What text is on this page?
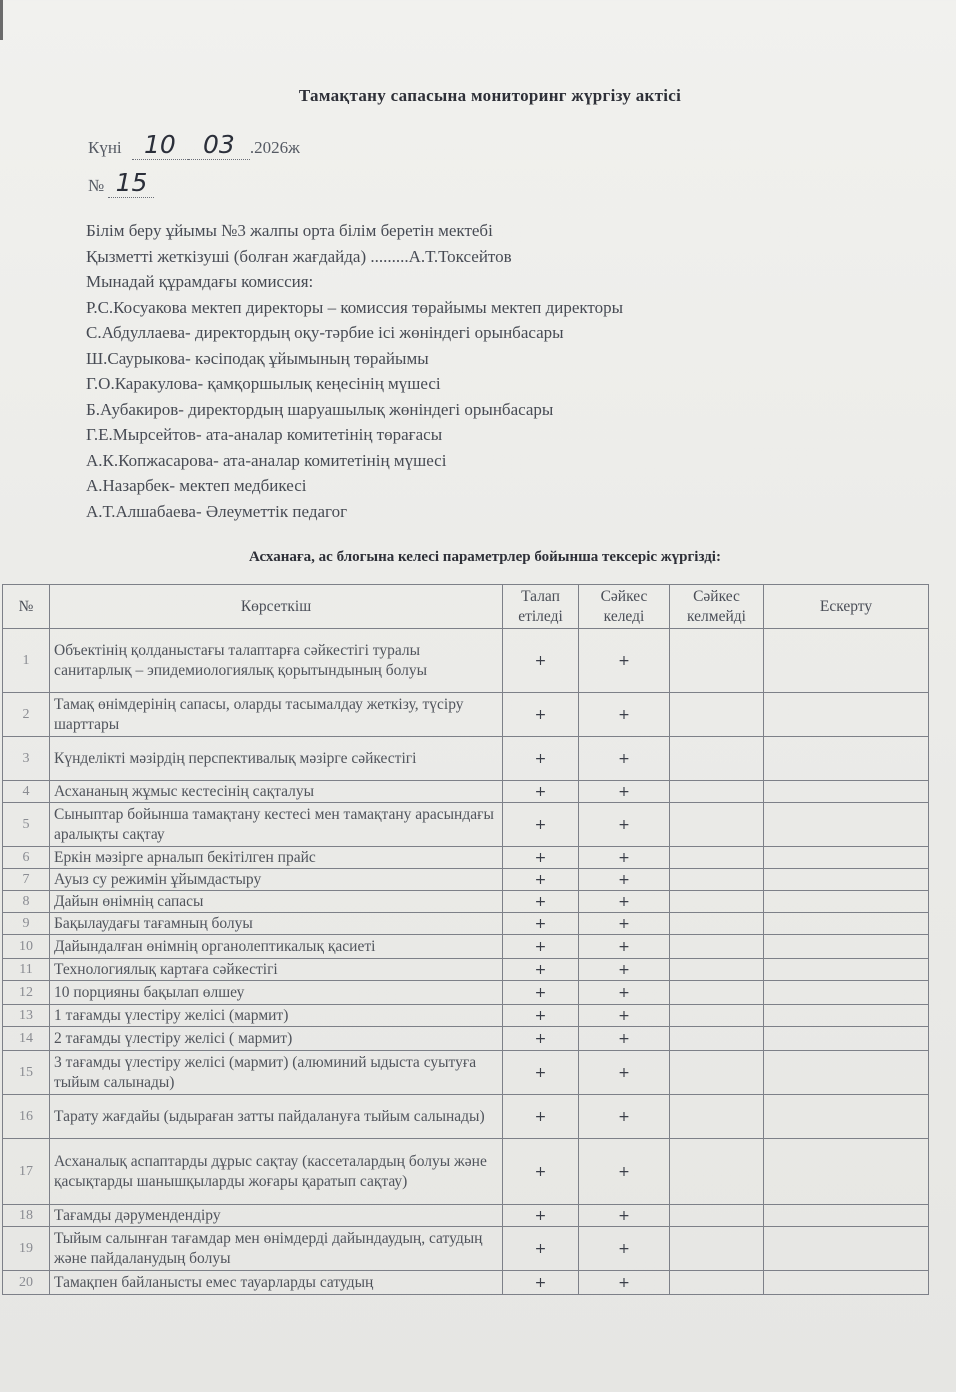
Тамақтану сапасына мониторинг жүргізу актісі
Күні 10 03 .2026ж
№ 15
Білім беру ұйымы №3 жалпы орта білім беретін мектебі
Қызметті жеткізуші (болған жағдайда) .........А.Т.Токсейтов
Мынадай құрамдағы комиссия:
Р.С.Косуакова мектеп директоры – комиссия төрайымы мектеп директоры
С.Абдуллаева- директордың оқу-тәрбие ісі жөніндегі орынбасары
Ш.Саурыкова- кәсіподақ ұйымының төрайымы
Г.О.Каракулова- қамқоршылық кеңесінің мүшесі
Б.Аубакиров- директордың шаруашылық жөніндегі орынбасары
Г.Е.Мырсейтов- ата-аналар комитетінің төрағасы
А.К.Копжасарова- ата-аналар комитетінің мүшесі
А.Назарбек- мектеп медбикесі
А.Т.Алшабаева- Әлеуметтік педагог
Асханаға, ас блогына келесі параметрлер бойынша тексеріс жүргізді:
№	Көрсеткіш	Талап етіледі	Сәйкес келеді	Сәйкес келмейді	Ескерту
1	Объектінің қолданыстағы талаптарға сәйкестігі туралы санитарлық – эпидемиологиялық қорытындының болуы	+	+		
2	Тамақ өнімдерінің сапасы, оларды тасымалдау жеткізу, түсіру шарттары	+	+		
3	Күнделікті мәзірдің перспективалық мәзірге сәйкестігі	+	+		
4	Асхананың жұмыс кестесінің сақталуы	+	+		
5	Сыныптар бойынша тамақтану кестесі мен тамақтану арасындағы аралықты сақтау	+	+		
6	Еркін мәзірге арналып бекітілген прайс	+	+		
7	Ауыз су режимін ұйымдастыру	+	+		
8	Дайын өнімнің сапасы	+	+		
9	Бақылаудағы тағамның болуы	+	+		
10	Дайындалған өнімнің органолептикалық қасиеті	+	+		
11	Технологиялық картаға сәйкестігі	+	+		
12	10 порцияны бақылап өлшеу	+	+		
13	1 тағамды үлестіру желісі (мармит)	+	+		
14	2 тағамды үлестіру желісі ( мармит)	+	+		
15	3 тағамды үлестіру желісі (мармит) (алюминий ыдыста суытуға тыйым салынады)	+	+		
16	Тарату жағдайы (ыдыраған затты пайдалануға тыйым салынады)	+	+		
17	Асханалық аспаптарды дұрыс сақтау (кассеталардың болуы және қасықтарды шанышқыларды жоғары қаратып сақтау)	+	+		
18	Тағамды дәрумендендіру	+	+		
19	Тыйым салынған тағамдар мен өнімдерді дайындаудың, сатудың және пайдаланудың болуы	+	+		
20	Тамақпен байланысты емес тауарларды сатудың	+	+		
